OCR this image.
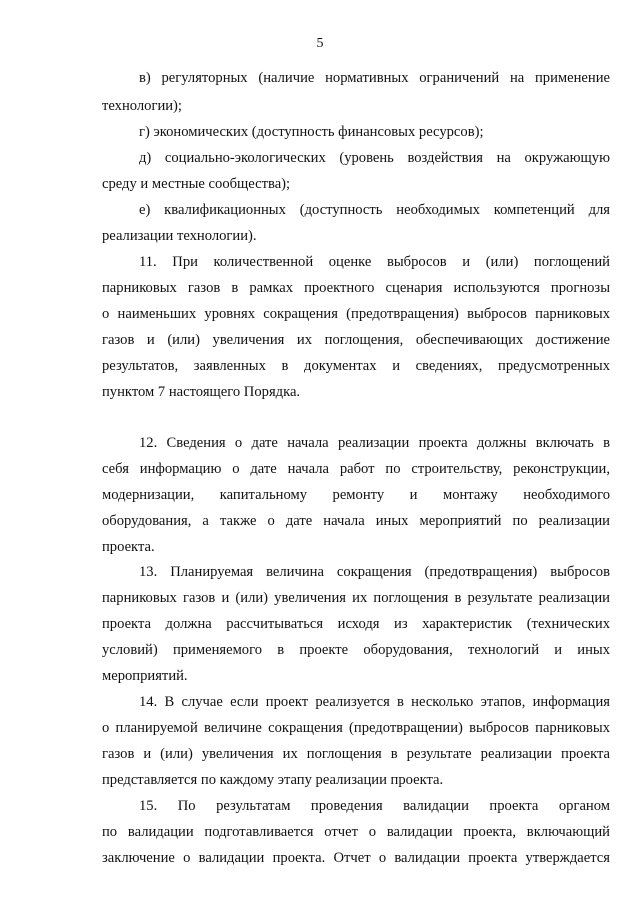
5
в) регуляторных (наличие нормативных ограничений на применение
технологии);
г) экономических (доступность финансовых ресурсов);
д) социально-экологических (уровень воздействия на окружающую
среду и местные сообщества);
е) квалификационных (доступность необходимых компетенций для
реализации технологии).
11. При количественной оценке выбросов и (или) поглощений
парниковых газов в рамках проектного сценария используются прогнозы
о наименьших уровнях сокращения (предотвращения) выбросов парниковых
газов и (или) увеличения их поглощения, обеспечивающих достижение
результатов, заявленных в документах и сведениях, предусмотренных
пунктом 7 настоящего Порядка.
12. Сведения о дате начала реализации проекта должны включать в
себя информацию о дате начала работ по строительству, реконструкции,
модернизации, капитальному ремонту и монтажу необходимого
оборудования, а также о дате начала иных мероприятий по реализации
проекта.
13. Планируемая величина сокращения (предотвращения) выбросов
парниковых газов и (или) увеличения их поглощения в результате реализации
проекта должна рассчитываться исходя из характеристик (технических
условий) применяемого в проекте оборудования, технологий и иных
мероприятий.
14. В случае если проект реализуется в несколько этапов, информация
о планируемой величине сокращения (предотвращении) выбросов парниковых
газов и (или) увеличения их поглощения в результате реализации проекта
представляется по каждому этапу реализации проекта.
15. По результатам проведения валидации проекта органом
по валидации подготавливается отчет о валидации проекта, включающий
заключение о валидации проекта. Отчет о валидации проекта утверждается
